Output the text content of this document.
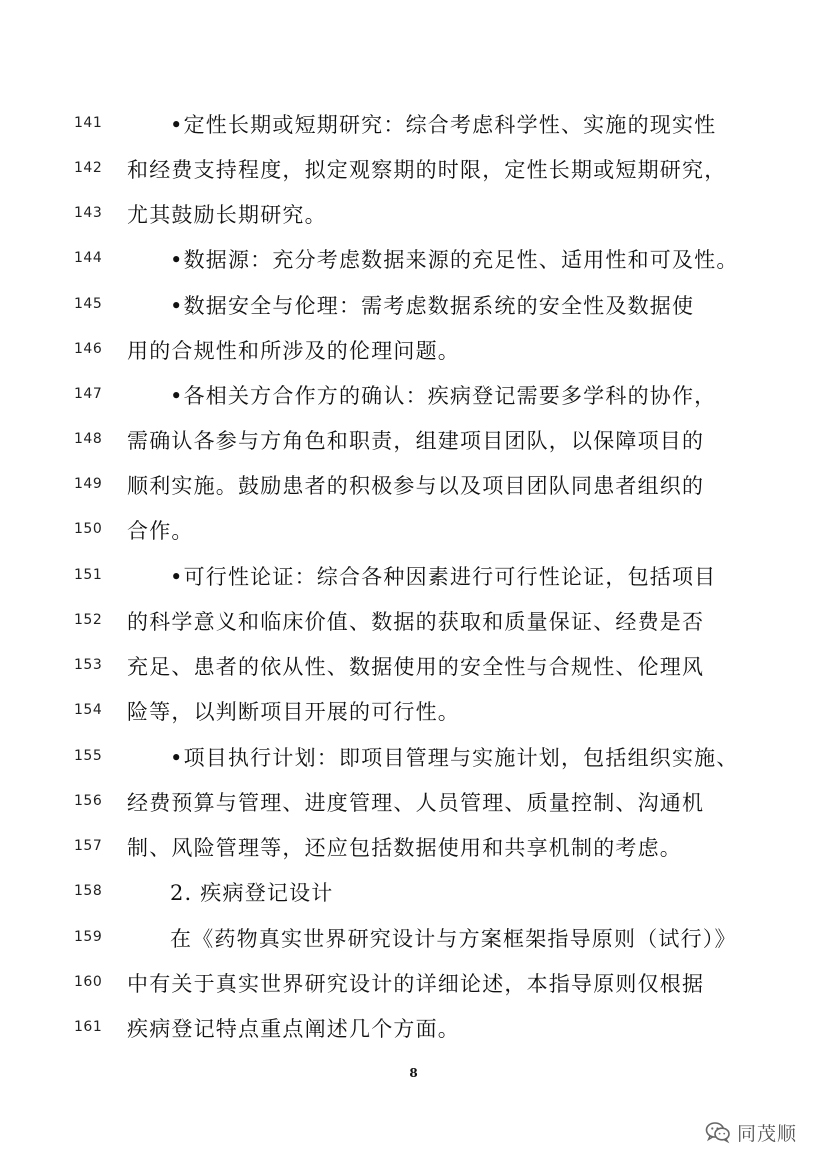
141	•定性长期或短期研究：综合考虑科学性、实施的现实性
142 和经费支持程度，拟定观察期的时限，定性长期或短期研究，
143 尤其鼓励长期研究。
144	•数据源：充分考虑数据来源的充足性、适用性和可及性。
145	•数据安全与伦理：需考虑数据系统的安全性及数据使
146 用的合规性和所涉及的伦理问题。
147	•各相关方合作方的确认：疾病登记需要多学科的协作，
148 需确认各参与方角色和职责，组建项目团队，以保障项目的
149 顺利实施。鼓励患者的积极参与以及项目团队同患者组织的
150 合作。
151	•可行性论证：综合各种因素进行可行性论证，包括项目
152 的科学意义和临床价值、数据的获取和质量保证、经费是否
153 充足、患者的依从性、数据使用的安全性与合规性、伦理风
154 险等，以判断项目开展的可行性。
155	•项目执行计划：即项目管理与实施计划，包括组织实施、
156 经费预算与管理、进度管理、人员管理、质量控制、沟通机
157 制、风险管理等，还应包括数据使用和共享机制的考虑。
158	2. 疾病登记设计
159	在《药物真实世界研究设计与方案框架指导原则（试行）》
160 中有关于真实世界研究设计的详细论述，本指导原则仅根据
161 疾病登记特点重点阐述几个方面。
8
同茂顺
